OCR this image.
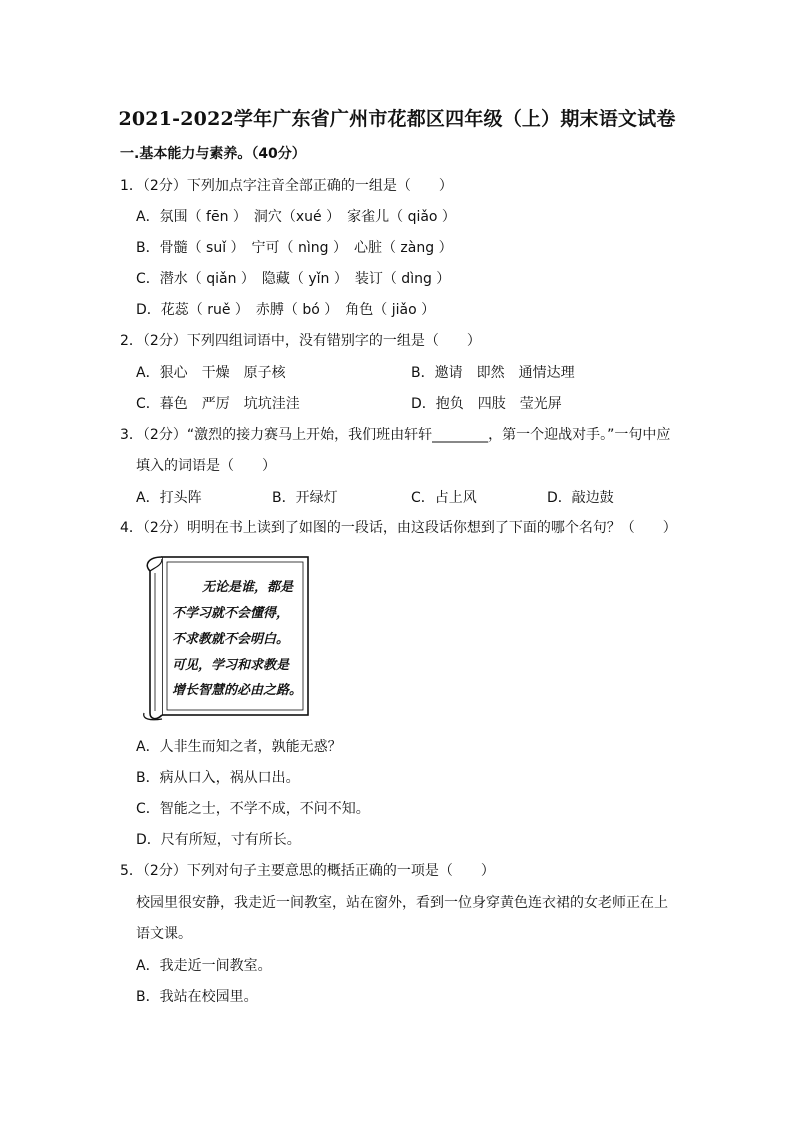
2021-2022学年广东省广州市花都区四年级（上）期末语文试卷
一.基本能力与素养。（40分）
1．（2分）下列加点字注音全部正确的一组是（　　）
A．氛围（ fēn ）　洞穴（xué ）　家雀儿（ qiǎo ）
B．骨髓（ suǐ ）　宁可（ nìng ）　心脏（ zàng ）
C．潜水（ qiǎn ）　隐藏（ yǐn ）　装订（ dìng ）
D．花蕊（ ruě ）　赤膊（ bó ）　角色（ jiǎo ）
2．（2分）下列四组词语中，没有错别字的一组是（　　）
A．狠心　干燥　原子核	B．邀请　即然　通情达理
C．暮色　严厉　坑坑洼洼	D．抱负　四肢　莹光屏
3．（2分）“激烈的接力赛马上开始，我们班由轩轩________，第一个迎战对手。”一句中应
填入的词语是（　　）
A．打头阵	B．开绿灯	C．占上风	D．敲边鼓
4．（2分）明明在书上读到了如图的一段话，由这段话你想到了下面的哪个名句？（　　）
无论是谁，都是
不学习就不会懂得，
不求教就不会明白。
可见，学习和求教是
增长智慧的必由之路。
A．人非生而知之者，孰能无惑？
B．病从口入，祸从口出。
C．智能之士，不学不成，不问不知。
D．尺有所短，寸有所长。
5．（2分）下列对句子主要意思的概括正确的一项是（　　）
校园里很安静，我走近一间教室，站在窗外，看到一位身穿黄色连衣裙的女老师正在上
语文课。
A．我走近一间教室。
B．我站在校园里。
